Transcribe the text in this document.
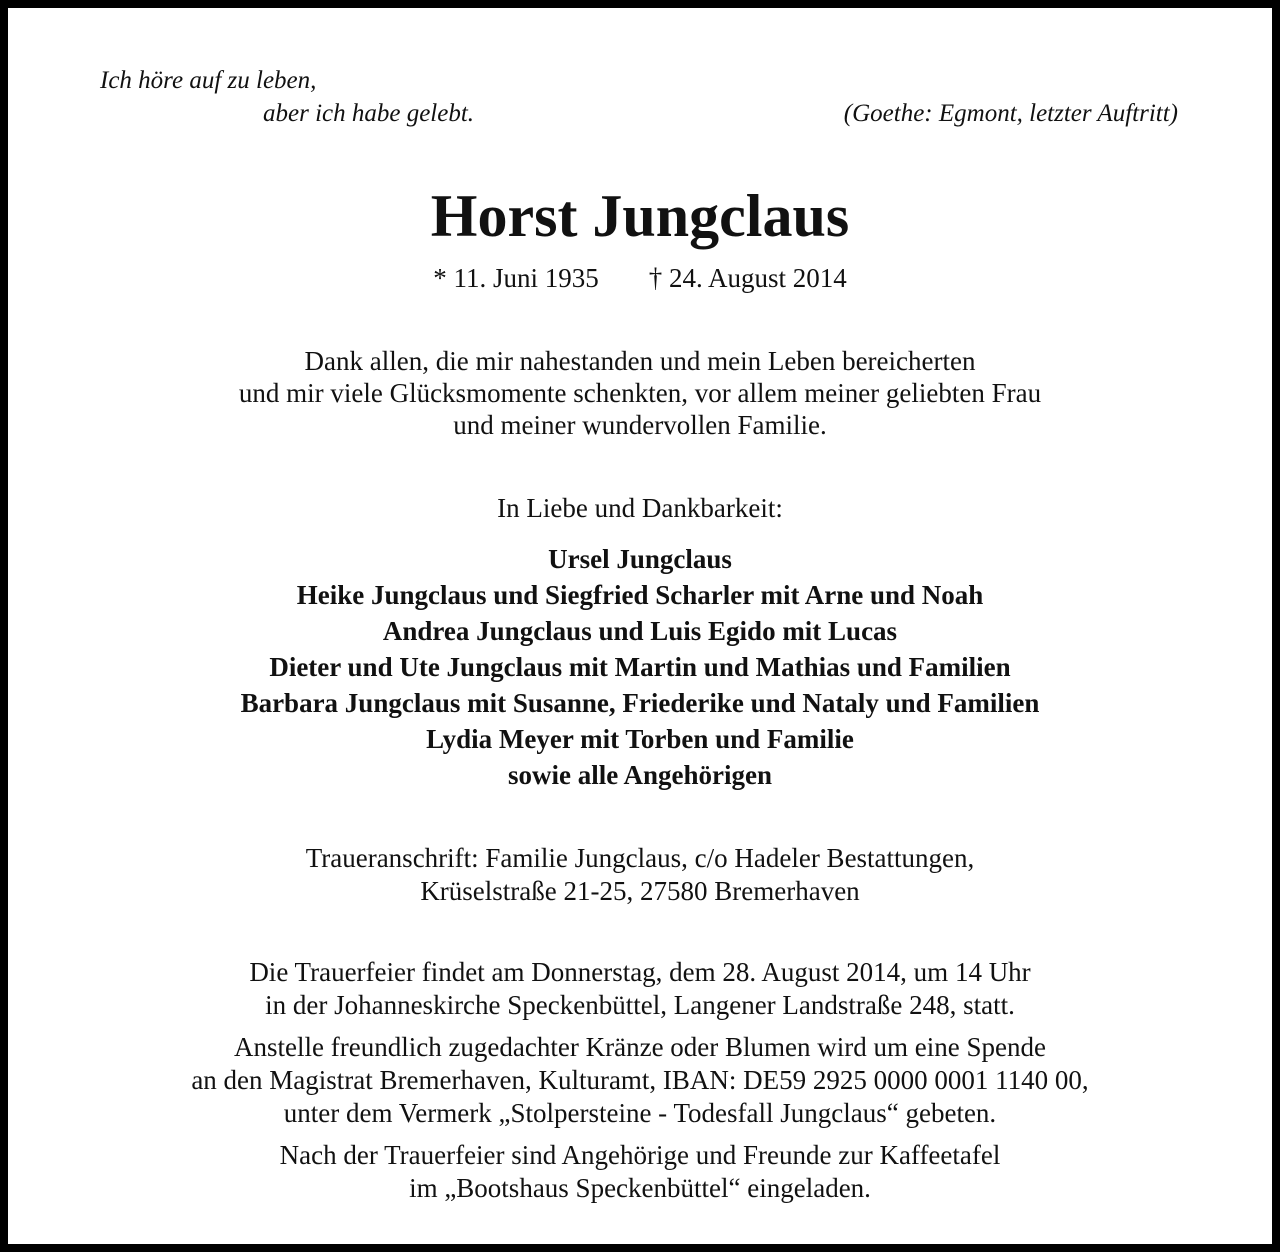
Ich höre auf zu leben,
aber ich habe gelebt.	(Goethe: Egmont, letzter Auftritt)
Horst Jungclaus
* 11. Juni 1935 † 24. August 2014
Dank allen, die mir nahestanden und mein Leben bereicherten
und mir viele Glücksmomente schenkten, vor allem meiner geliebten Frau
und meiner wundervollen Familie.
In Liebe und Dankbarkeit:
Ursel Jungclaus
Heike Jungclaus und Siegfried Scharler mit Arne und Noah
Andrea Jungclaus und Luis Egido mit Lucas
Dieter und Ute Jungclaus mit Martin und Mathias und Familien
Barbara Jungclaus mit Susanne, Friederike und Nataly und Familien
Lydia Meyer mit Torben und Familie
sowie alle Angehörigen
Traueranschrift: Familie Jungclaus, c/o Hadeler Bestattungen,
Krüselstraße 21-25, 27580 Bremerhaven
Die Trauerfeier findet am Donnerstag, dem 28. August 2014, um 14 Uhr
in der Johanneskirche Speckenbüttel, Langener Landstraße 248, statt.
Anstelle freundlich zugedachter Kränze oder Blumen wird um eine Spende
an den Magistrat Bremerhaven, Kulturamt, IBAN: DE59 2925 0000 0001 1140 00,
unter dem Vermerk „Stolpersteine - Todesfall Jungclaus“ gebeten.
Nach der Trauerfeier sind Angehörige und Freunde zur Kaffeetafel
im „Bootshaus Speckenbüttel“ eingeladen.
